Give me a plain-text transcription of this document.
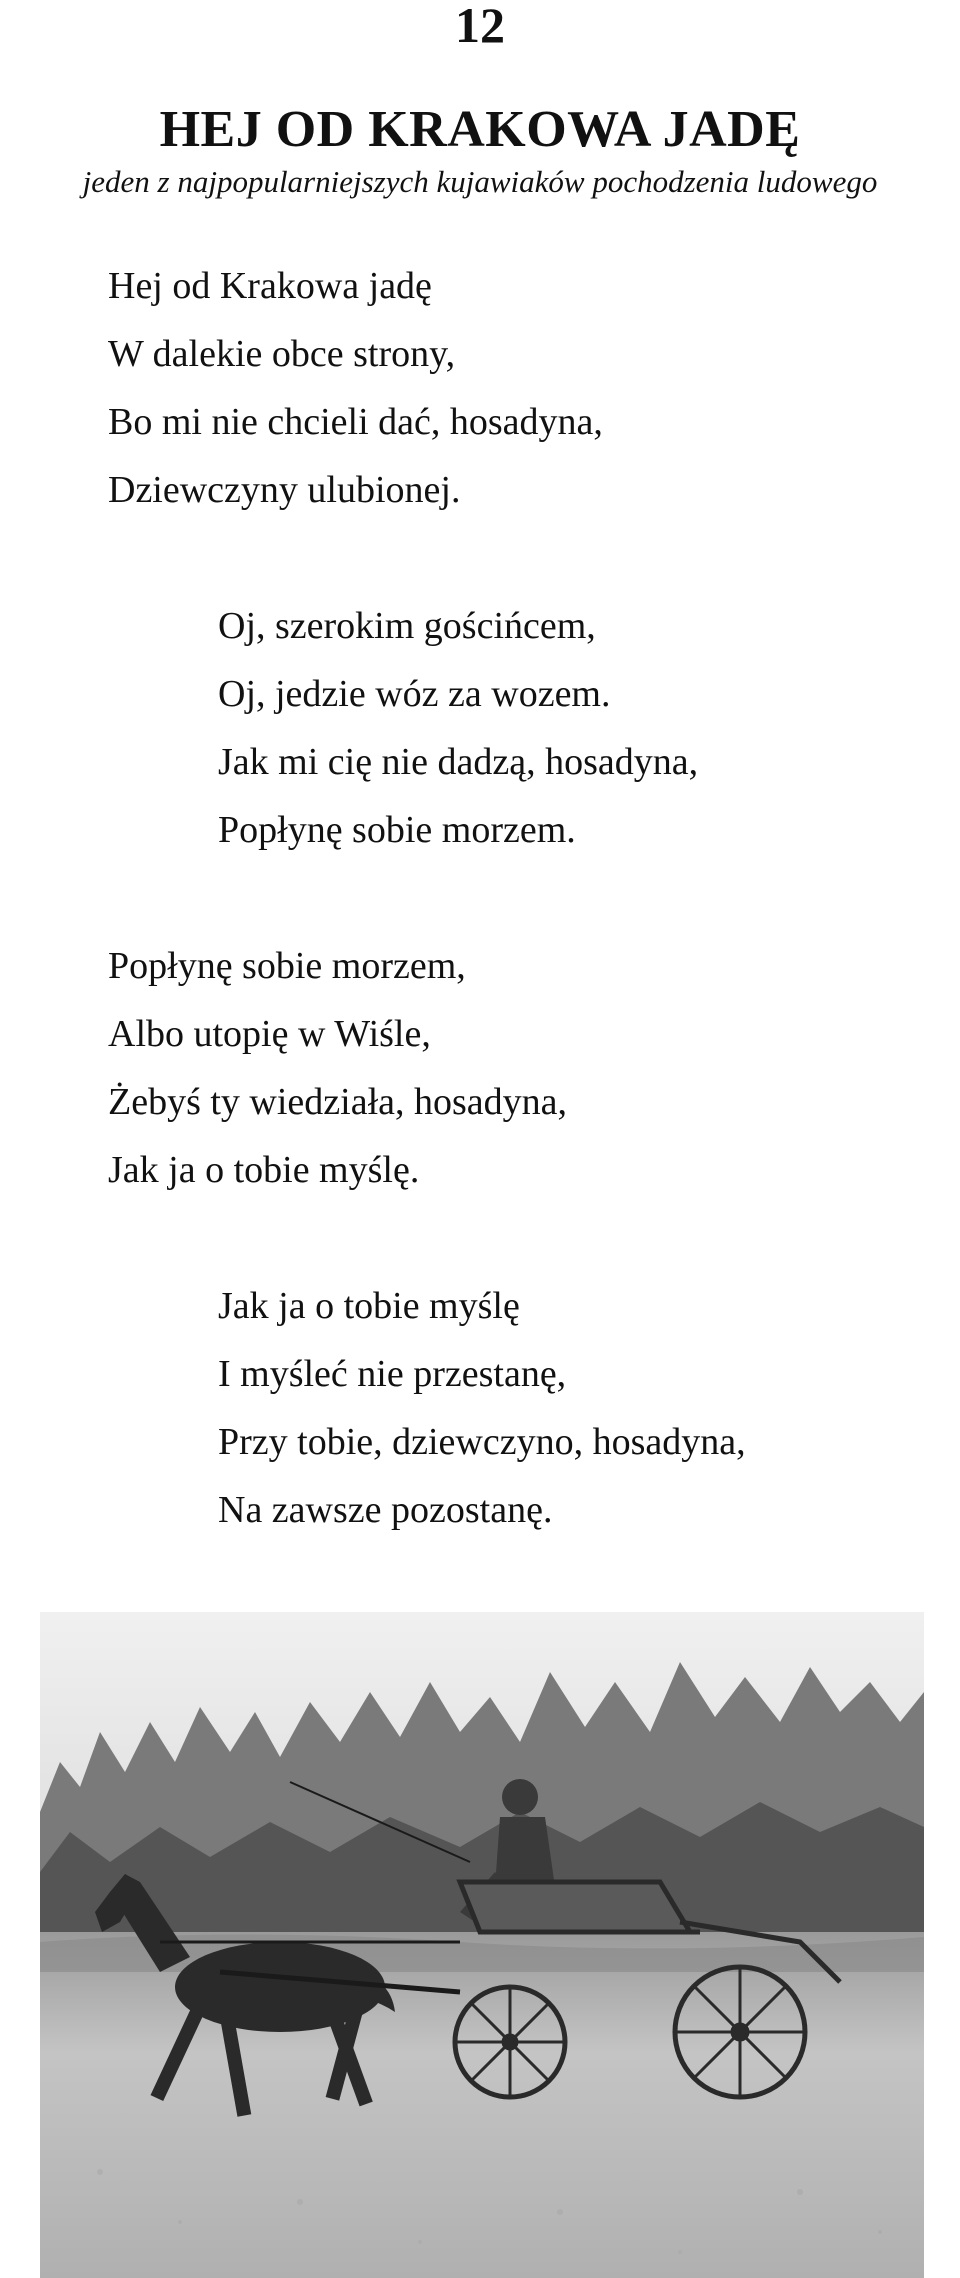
12
HEJ OD KRAKOWA JADĘ
jeden z najpopularniejszych kujawiaków pochodzenia ludowego
Hej od Krakowa jadę
W dalekie obce strony,
Bo mi nie chcieli dać, hosadyna,
Dziewczyny ulubionej.
Oj, szerokim gościńcem,
Oj, jedzie wóz za wozem.
Jak mi cię nie dadzą, hosadyna,
Popłynę sobie morzem.
Popłynę sobie morzem,
Albo utopię w Wiśle,
Żebyś ty wiedziała, hosadyna,
Jak ja o tobie myślę.
Jak ja o tobie myślę
I myśleć nie przestanę,
Przy tobie, dziewczyno, hosadyna,
Na zawsze pozostanę.
